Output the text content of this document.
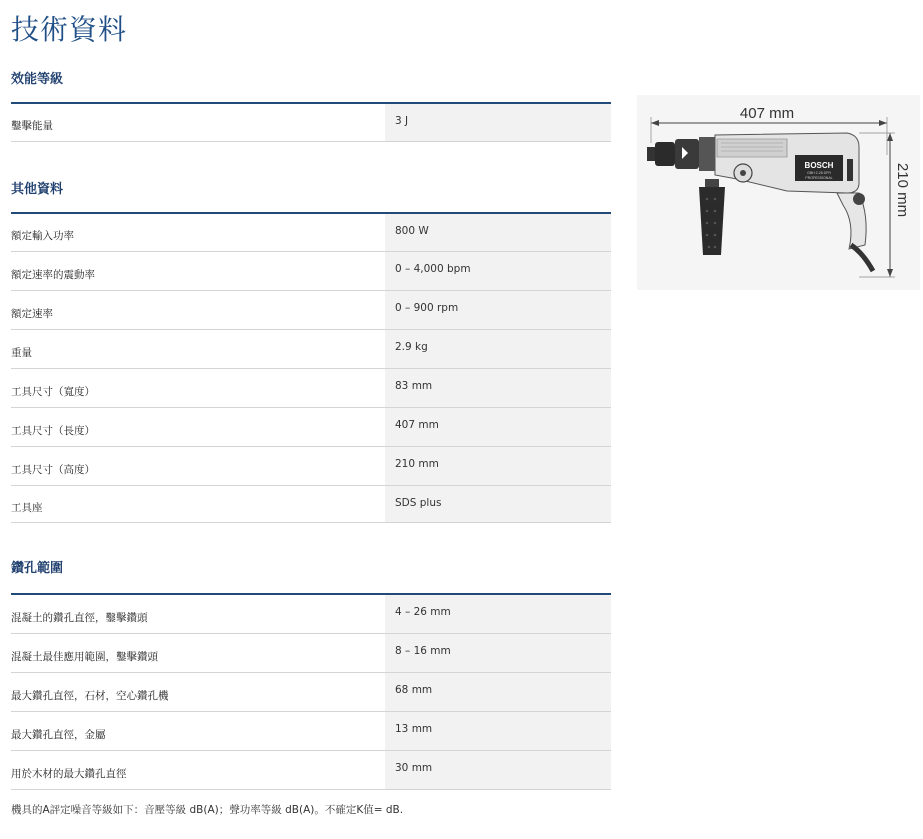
技術資料
效能等級
鑿擊能量	3 J
其他資料
額定輸入功率	800 W
額定速率的震動率	0 – 4,000 bpm
額定速率	0 – 900 rpm
重量	2.9 kg
工具尺寸（寬度）	83 mm
工具尺寸（長度）	407 mm
工具尺寸（高度）	210 mm
工具座	SDS plus
鑽孔範圍
混凝土的鑽孔直徑，鑿擊鑽頭	4 – 26 mm
混凝土最佳應用範圍，鑿擊鑽頭	8 – 16 mm
最大鑽孔直徑，石材，空心鑽孔機	68 mm
最大鑽孔直徑，金屬	13 mm
用於木材的最大鑽孔直徑	30 mm
機具的A評定噪音等級如下：音壓等級 dB(A)；聲功率等級 dB(A)。不確定K值= dB.
407 mm
210 mm
BOSCH
GBH 2-26 DFR
PROFESSIONAL
